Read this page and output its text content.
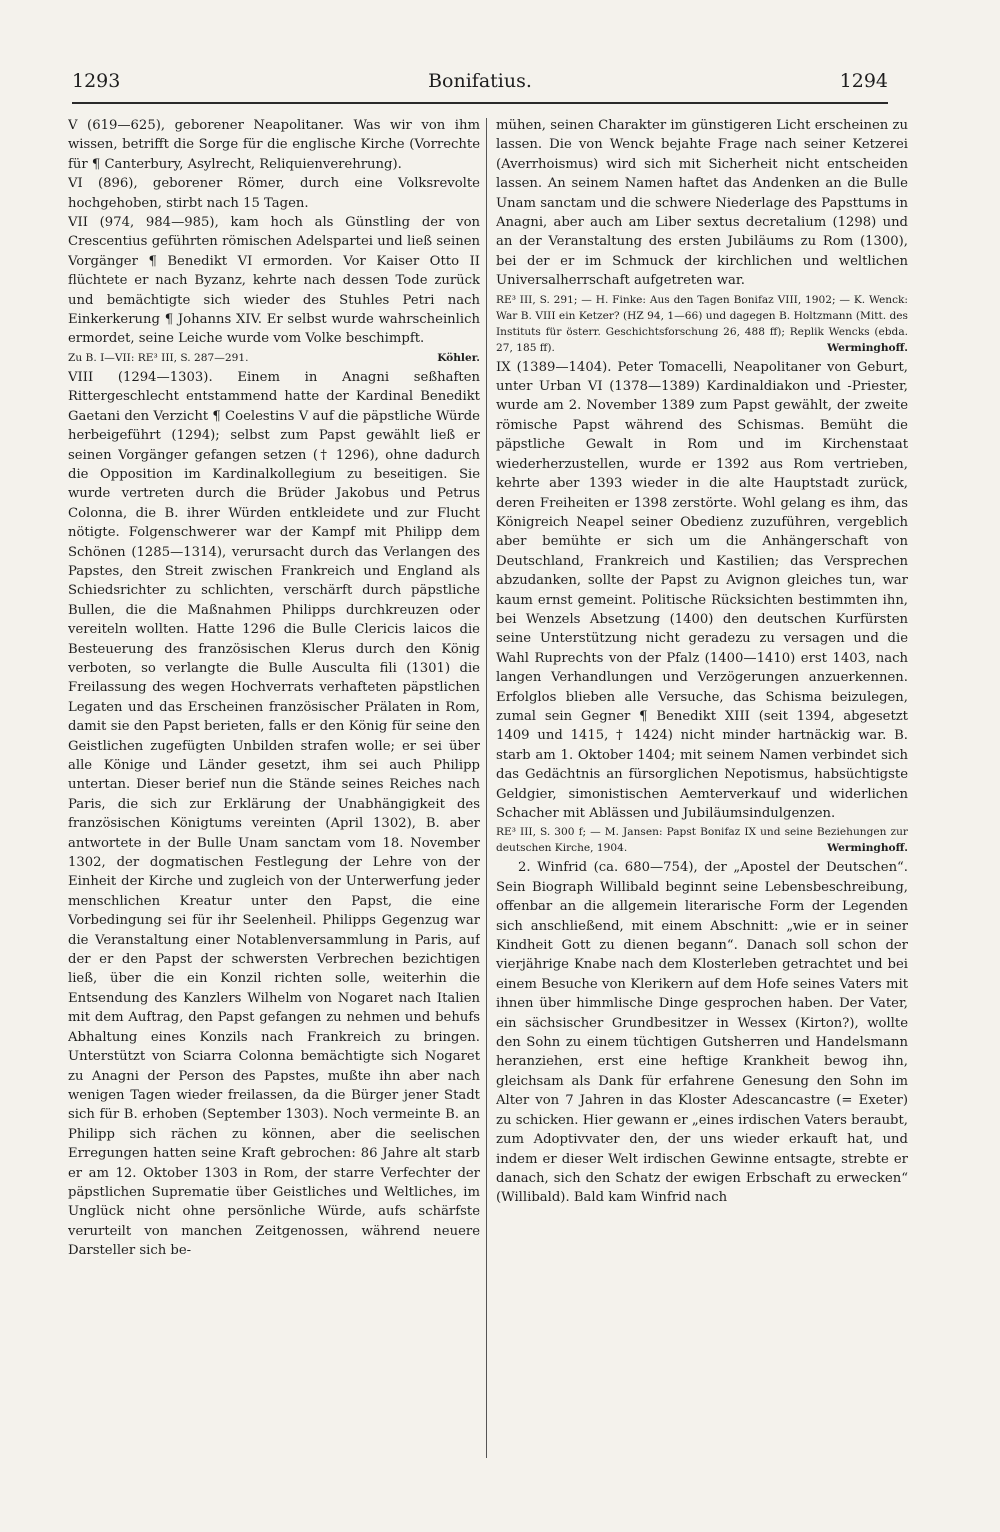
1293	Bonifatius.	1294

V (619—625), geborener Neapolitaner. Was wir von ihm wissen, betrifft die Sorge für die englische Kirche (Vorrechte für ¶ Canterbury, Asylrecht, Reliquienverehrung).

VI (896), geborener Römer, durch eine Volksrevolte hochgehoben, stirbt nach 15 Tagen.

VII (974, 984—985), kam hoch als Günstling der von Crescentius geführten römischen Adelspartei und ließ seinen Vorgänger ¶ Benedikt VI ermorden. Vor Kaiser Otto II flüchtete er nach Byzanz, kehrte nach dessen Tode zurück und bemächtigte sich wieder des Stuhles Petri nach Einkerkerung ¶ Johanns XIV. Er selbst wurde wahrscheinlich ermordet, seine Leiche wurde vom Volke beschimpft.

Köhler.
Zu B. I—VII: RE³ III, S. 287—291.

VIII (1294—1303). Einem in Anagni seßhaften Rittergeschlecht entstammend hatte der Kardinal Benedikt Gaetani den Verzicht ¶ Coelestins V auf die päpstliche Würde herbeigeführt (1294); selbst zum Papst gewählt ließ er seinen Vorgänger gefangen setzen († 1296), ohne dadurch die Opposition im Kardinalkollegium zu beseitigen. Sie wurde vertreten durch die Brüder Jakobus und Petrus Colonna, die B. ihrer Würden entkleidete und zur Flucht nötigte. Folgenschwerer war der Kampf mit Philipp dem Schönen (1285—1314), verursacht durch das Verlangen des Papstes, den Streit zwischen Frankreich und England als Schiedsrichter zu schlichten, verschärft durch päpstliche Bullen, die die Maßnahmen Philipps durchkreuzen oder vereiteln wollten. Hatte 1296 die Bulle Clericis laicos die Besteuerung des französischen Klerus durch den König verboten, so verlangte die Bulle Ausculta fili (1301) die Freilassung des wegen Hochverrats verhafteten päpstlichen Legaten und das Erscheinen französischer Prälaten in Rom, damit sie den Papst berieten, falls er den König für seine den Geistlichen zugefügten Unbilden strafen wolle; er sei über alle Könige und Länder gesetzt, ihm sei auch Philipp untertan. Dieser berief nun die Stände seines Reiches nach Paris, die sich zur Erklärung der Unabhängigkeit des französischen Königtums vereinten (April 1302), B. aber antwortete in der Bulle Unam sanctam vom 18. November 1302, der dogmatischen Festlegung der Lehre von der Einheit der Kirche und zugleich von der Unterwerfung jeder menschlichen Kreatur unter den Papst, die eine Vorbedingung sei für ihr Seelenheil. Philipps Gegenzug war die Veranstaltung einer Notablenversammlung in Paris, auf der er den Papst der schwersten Verbrechen bezichtigen ließ, über die ein Konzil richten solle, weiterhin die Entsendung des Kanzlers Wilhelm von Nogaret nach Italien mit dem Auftrag, den Papst gefangen zu nehmen und behufs Abhaltung eines Konzils nach Frankreich zu bringen. Unterstützt von Sciarra Colonna bemächtigte sich Nogaret zu Anagni der Person des Papstes, mußte ihn aber nach wenigen Tagen wieder freilassen, da die Bürger jener Stadt sich für B. erhoben (September 1303). Noch vermeinte B. an Philipp sich rächen zu können, aber die seelischen Erregungen hatten seine Kraft gebrochen: 86 Jahre alt starb er am 12. Oktober 1303 in Rom, der starre Verfechter der päpstlichen Suprematie über Geistliches und Weltliches, im Unglück nicht ohne persönliche Würde, aufs schärfste verurteilt von manchen Zeitgenossen, während neuere Darsteller sich be-

mühen, seinen Charakter im günstigeren Licht erscheinen zu lassen. Die von Wenck bejahte Frage nach seiner Ketzerei (Averrhoismus) wird sich mit Sicherheit nicht entscheiden lassen. An seinem Namen haftet das Andenken an die Bulle Unam sanctam und die schwere Niederlage des Papsttums in Anagni, aber auch am Liber sextus decretalium (1298) und an der Veranstaltung des ersten Jubiläums zu Rom (1300), bei der er im Schmuck der kirchlichen und weltlichen Universalherrschaft aufgetreten war.

RE³ III, S. 291; — H. Finke: Aus den Tagen Bonifaz VIII, 1902; — K. Wenck: War B. VIII ein Ketzer? (HZ 94, 1—66) und dagegen B. Holtzmann (Mitt. des Instituts für österr. Geschichtsforschung 26, 488 ff); Replik Wencks (ebda. 27, 185 ff).	Werminghoff.

IX (1389—1404). Peter Tomacelli, Neapolitaner von Geburt, unter Urban VI (1378—1389) Kardinaldiakon und -Priester, wurde am 2. November 1389 zum Papst gewählt, der zweite römische Papst während des Schismas. Bemüht die päpstliche Gewalt in Rom und im Kirchenstaat wiederherzustellen, wurde er 1392 aus Rom vertrieben, kehrte aber 1393 wieder in die alte Hauptstadt zurück, deren Freiheiten er 1398 zerstörte. Wohl gelang es ihm, das Königreich Neapel seiner Obedienz zuzuführen, vergeblich aber bemühte er sich um die Anhängerschaft von Deutschland, Frankreich und Kastilien; das Versprechen abzudanken, sollte der Papst zu Avignon gleiches tun, war kaum ernst gemeint. Politische Rücksichten bestimmten ihn, bei Wenzels Absetzung (1400) den deutschen Kurfürsten seine Unterstützung nicht geradezu zu versagen und die Wahl Ruprechts von der Pfalz (1400—1410) erst 1403, nach langen Verhandlungen und Verzögerungen anzuerkennen. Erfolglos blieben alle Versuche, das Schisma beizulegen, zumal sein Gegner ¶ Benedikt XIII (seit 1394, abgesetzt 1409 und 1415, † 1424) nicht minder hartnäckig war. B. starb am 1. Oktober 1404; mit seinem Namen verbindet sich das Gedächtnis an fürsorglichen Nepotismus, habsüchtigste Geldgier, simonistischen Aemterverkauf und widerlichen Schacher mit Ablässen und Jubiläumsindulgenzen.

RE³ III, S. 300 f; — M. Jansen: Papst Bonifaz IX und seine Beziehungen zur deutschen Kirche, 1904.	Werminghoff.

2. Winfrid (ca. 680—754), der „Apostel der Deutschen“. Sein Biograph Willibald beginnt seine Lebensbeschreibung, offenbar an die allgemein literarische Form der Legenden sich anschließend, mit einem Abschnitt: „wie er in seiner Kindheit Gott zu dienen begann“. Danach soll schon der vierjährige Knabe nach dem Klosterleben getrachtet und bei einem Besuche von Klerikern auf dem Hofe seines Vaters mit ihnen über himmlische Dinge gesprochen haben. Der Vater, ein sächsischer Grundbesitzer in Wessex (Kirton?), wollte den Sohn zu einem tüchtigen Gutsherren und Handelsmann heranziehen, erst eine heftige Krankheit bewog ihn, gleichsam als Dank für erfahrene Genesung den Sohn im Alter von 7 Jahren in das Kloster Adescancastre (= Exeter) zu schicken. Hier gewann er „eines irdischen Vaters beraubt, zum Adoptivvater den, der uns wieder erkauft hat, und indem er dieser Welt irdischen Gewinne entsagte, strebte er danach, sich den Schatz der ewigen Erbschaft zu erwecken“ (Willibald). Bald kam Winfrid nach
